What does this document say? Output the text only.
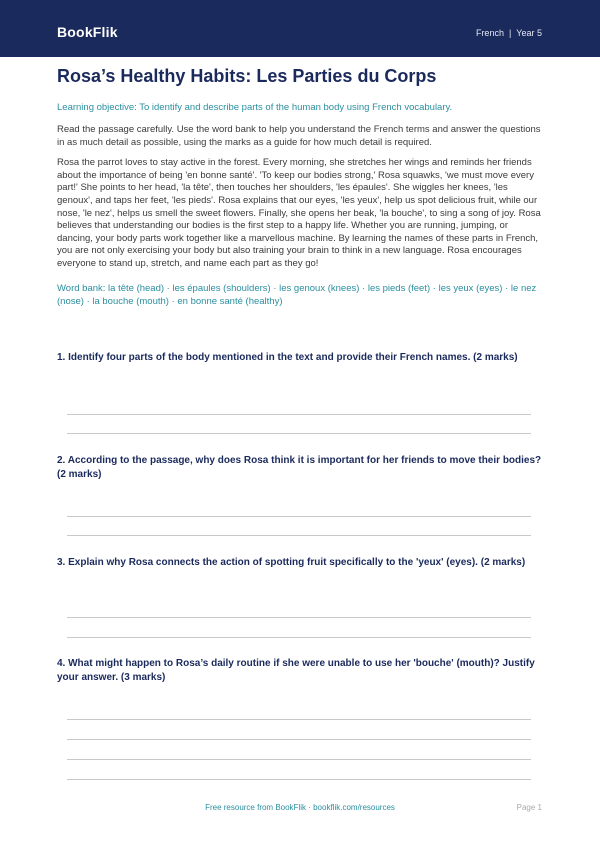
BookFlik	French | Year 5
Rosa’s Healthy Habits: Les Parties du Corps
Learning objective: To identify and describe parts of the human body using French vocabulary.
Read the passage carefully. Use the word bank to help you understand the French terms and answer the questions in as much detail as possible, using the marks as a guide for how much detail is required.
Rosa the parrot loves to stay active in the forest. Every morning, she stretches her wings and reminds her friends about the importance of being 'en bonne santé'. 'To keep our bodies strong,' Rosa squawks, 'we must move every part!' She points to her head, 'la tête', then touches her shoulders, 'les épaules'. She wiggles her knees, 'les genoux', and taps her feet, 'les pieds'. Rosa explains that our eyes, 'les yeux', help us spot delicious fruit, while our nose, 'le nez', helps us smell the sweet flowers. Finally, she opens her beak, 'la bouche', to sing a song of joy. Rosa believes that understanding our bodies is the first step to a happy life. Whether you are running, jumping, or dancing, your body parts work together like a marvellous machine. By learning the names of these parts in French, you are not only exercising your body but also training your brain to think in a new language. Rosa encourages everyone to stand up, stretch, and name each part as they go!
Word bank: la tête (head) · les épaules (shoulders) · les genoux (knees) · les pieds (feet) · les yeux (eyes) · le nez (nose) · la bouche (mouth) · en bonne santé (healthy)
1. Identify four parts of the body mentioned in the text and provide their French names. (2 marks)
2. According to the passage, why does Rosa think it is important for her friends to move their bodies? (2 marks)
3. Explain why Rosa connects the action of spotting fruit specifically to the 'yeux' (eyes). (2 marks)
4. What might happen to Rosa’s daily routine if she were unable to use her 'bouche' (mouth)? Justify your answer. (3 marks)
Free resource from BookFlik · bookflik.com/resources	Page 1
